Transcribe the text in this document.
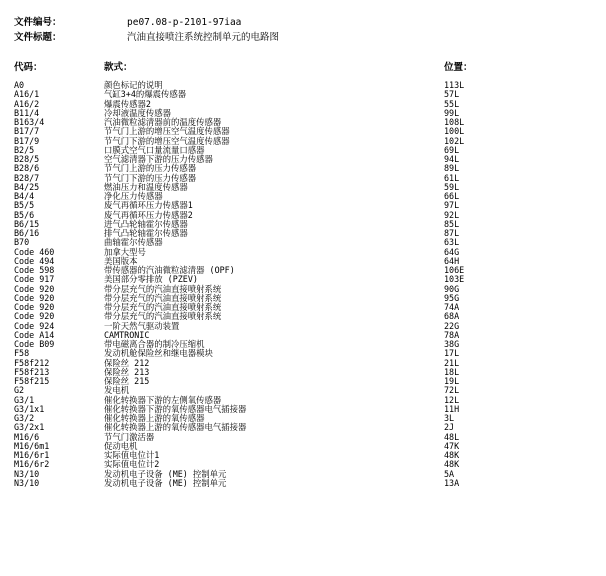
文件编号：	pe07.08-p-2101-97iaa
文件标题：	汽油直接喷注系统控制单元的电路图
代码：	款式：	位置：
A0	颜色标记的说明	113L
A16/1	气缸3+4的爆震传感器	57L
A16/2	爆震传感器2	55L
B11/4	冷却液温度传感器	99L
B163/4	汽油微粒滤清器前的温度传感器	108L
B17/7	节气门上游的增压空气温度传感器	100L
B17/9	节气门下游的增压空气温度传感器	102L
B2/5	口膜式空气口量流量口感器	69L
B28/5	空气滤清器下游的压力传感器	94L
B28/6	节气门上游的压力传感器	89L
B28/7	节气门下游的压力传感器	61L
B4/25	燃油压力和温度传感器	59L
B4/4	净化压力传感器	66L
B5/5	废气再循环压力传感器1	97L
B5/6	废气再循环压力传感器2	92L
B6/15	进气凸轮轴霍尔传感器	85L
B6/16	排气凸轮轴霍尔传感器	87L
B70	曲轴霍尔传感器	63L
Code 460	加拿大型号	64G
Code 494	美国版本	64H
Code 598	带传感器的汽油微粒滤清器 (OPF)	106E
Code 917	美国部分零排放 (PZEV)	103E
Code 920	带分层充气的汽油直接喷射系统	90G
Code 920	带分层充气的汽油直接喷射系统	95G
Code 920	带分层充气的汽油直接喷射系统	74A
Code 920	带分层充气的汽油直接喷射系统	68A
Code 924	一阶天然气驱动装置	22G
Code A14	CAMTRONIC	78A
Code B09	带电磁离合器的制冷压缩机	38G
F58	发动机舱保险丝和继电器模块	17L
F58f212	保险丝 212	21L
F58f213	保险丝 213	18L
F58f215	保险丝 215	19L
G2	发电机	72L
G3/1	催化转换器下游的左侧氧传感器	12L
G3/1x1	催化转换器下游的氧传感器电气插接器	11H
G3/2	催化转换器上游的氧传感器	3L
G3/2x1	催化转换器上游的氧传感器电气插接器	2J
M16/6	节气门激活器	48L
M16/6m1	促动电机	47K
M16/6r1	实际值电位计1	48K
M16/6r2	实际值电位计2	48K
N3/10	发动机电子设备 (ME) 控制单元	5A
N3/10	发动机电子设备 (ME) 控制单元	13A
